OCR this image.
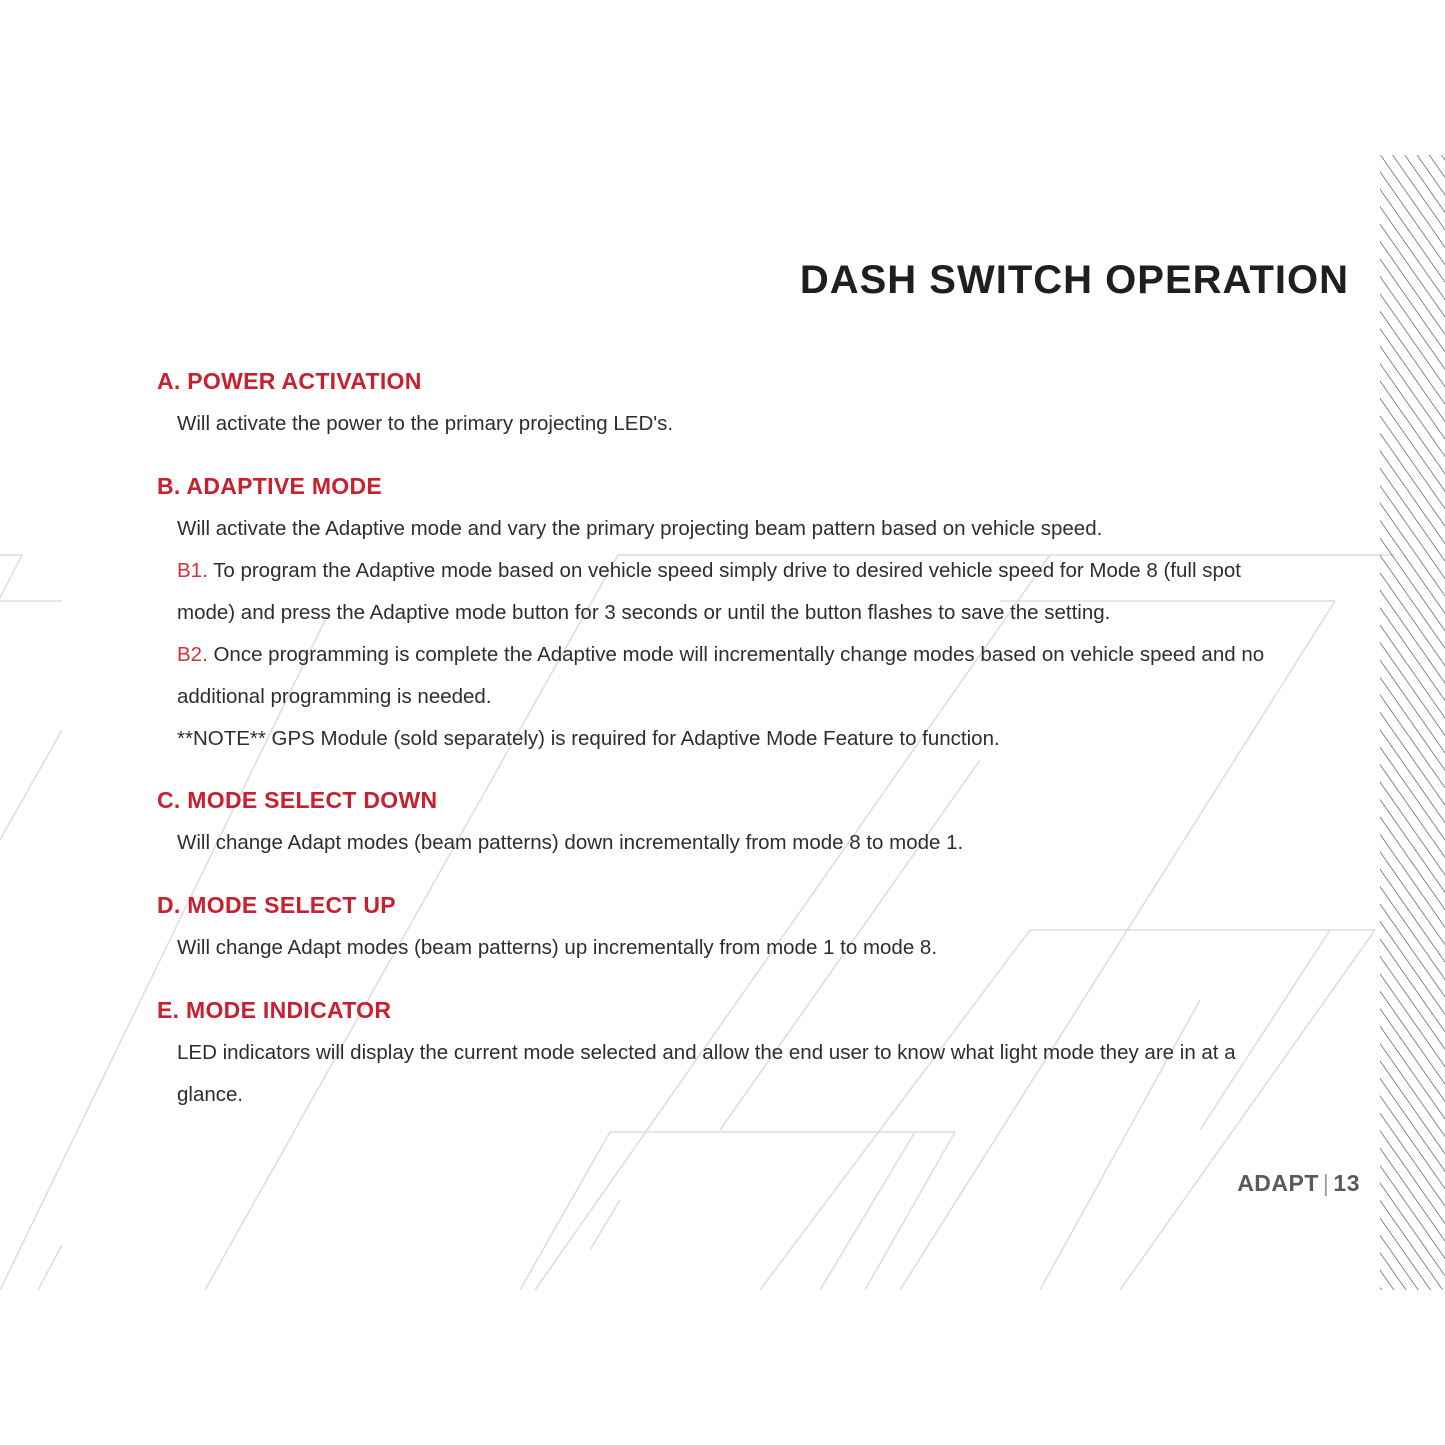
DASH SWITCH OPERATION
A. POWER ACTIVATION

Will activate the power to the primary projecting LED's.

B. ADAPTIVE MODE

Will activate the Adaptive mode and vary the primary projecting beam pattern based on vehicle speed.

B1. To program the Adaptive mode based on vehicle speed simply drive to desired vehicle speed for Mode 8 (full spot mode) and press the Adaptive mode button for 3 seconds or until the button flashes to save the setting.

B2. Once programming is complete the Adaptive mode will incrementally change modes based on vehicle speed and no additional programming is needed.

**NOTE** GPS Module (sold separately) is required for Adaptive Mode Feature to function.

C. MODE SELECT DOWN

Will change Adapt modes (beam patterns) down incrementally from mode 8 to mode 1.

D. MODE SELECT UP

Will change Adapt modes (beam patterns) up incrementally from mode 1 to mode 8.

E. MODE INDICATOR

LED indicators will display the current mode selected and allow the end user to know what light mode they are in at a glance.

ADAPT | 13
